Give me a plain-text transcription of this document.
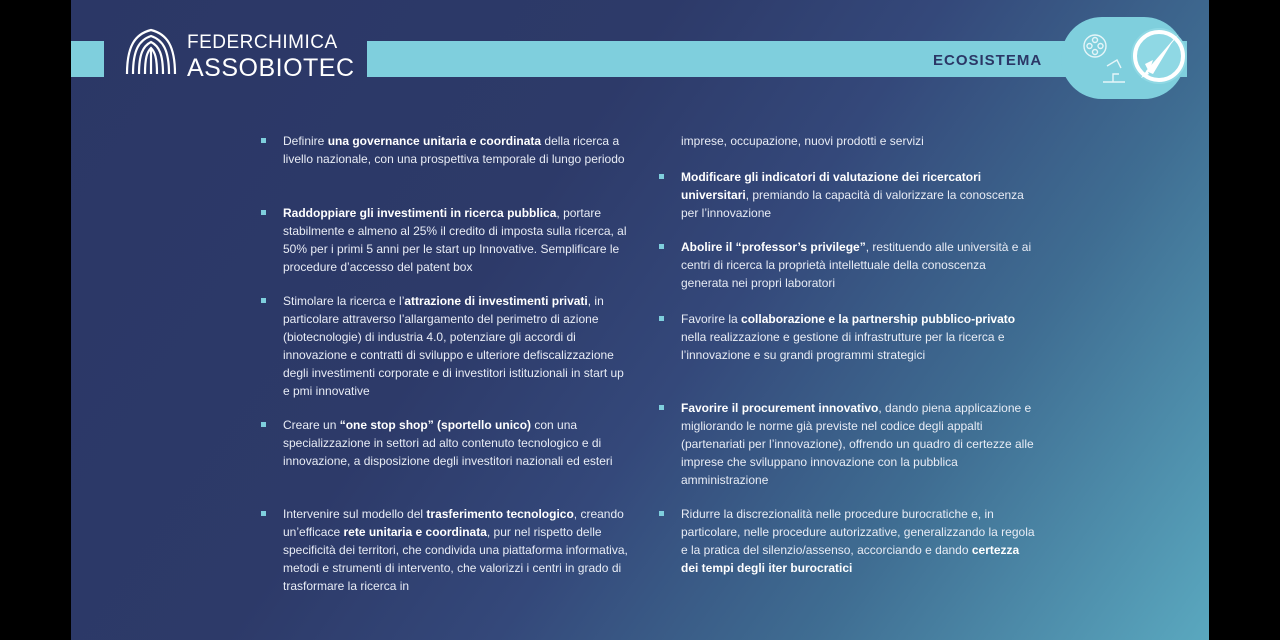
ECOSISTEMA
FEDERCHIMICA
ASSOBIOTEC
Definire una governance unitaria e coordinata della ricerca a livello nazionale, con una prospettiva temporale di lungo periodo
Raddoppiare gli investimenti in ricerca pubblica, portare stabilmente e almeno al 25% il credito di imposta sulla ricerca, al 50% per i primi 5 anni per le start up Innovative. Semplificare le procedure d’accesso del patent box
Stimolare la ricerca e l’attrazione di investimenti privati, in particolare attraverso l’allargamento del perimetro di azione (biotecnologie) di industria 4.0, potenziare gli accordi di innovazione e contratti di sviluppo e ulteriore defiscalizzazione degli investimenti corporate e di investitori istituzionali in start up e pmi innovative
Creare un “one stop shop” (sportello unico) con una specializzazione in settori ad alto contenuto tecnologico e di innovazione, a disposizione degli investitori nazionali ed esteri
Intervenire sul modello del trasferimento tecnologico, creando un’efficace rete unitaria e coordinata, pur nel rispetto delle specificità dei territori, che condivida una piattaforma informativa, metodi e strumenti di intervento, che valorizzi i centri in grado di trasformare la ricerca in
imprese, occupazione, nuovi prodotti e servizi
Modificare gli indicatori di valutazione dei ricercatori universitari, premiando la capacità di valorizzare la conoscenza per l’innovazione
Abolire il “professor’s privilege”, restituendo alle università e ai centri di ricerca la proprietà intellettuale della conoscenza generata nei propri laboratori
Favorire la collaborazione e la partnership pubblico-privato nella realizzazione e gestione di infrastrutture per la ricerca e l’innovazione e su grandi programmi strategici
Favorire il procurement innovativo, dando piena applicazione e migliorando le norme già previste nel codice degli appalti (partenariati per l’innovazione), offrendo un quadro di certezze alle imprese che sviluppano innovazione con la pubblica amministrazione
Ridurre la discrezionalità nelle procedure burocratiche e, in particolare, nelle procedure autorizzative, generalizzando la regola e la pratica del silenzio/assenso, accorciando e dando certezza dei tempi degli iter burocratici
